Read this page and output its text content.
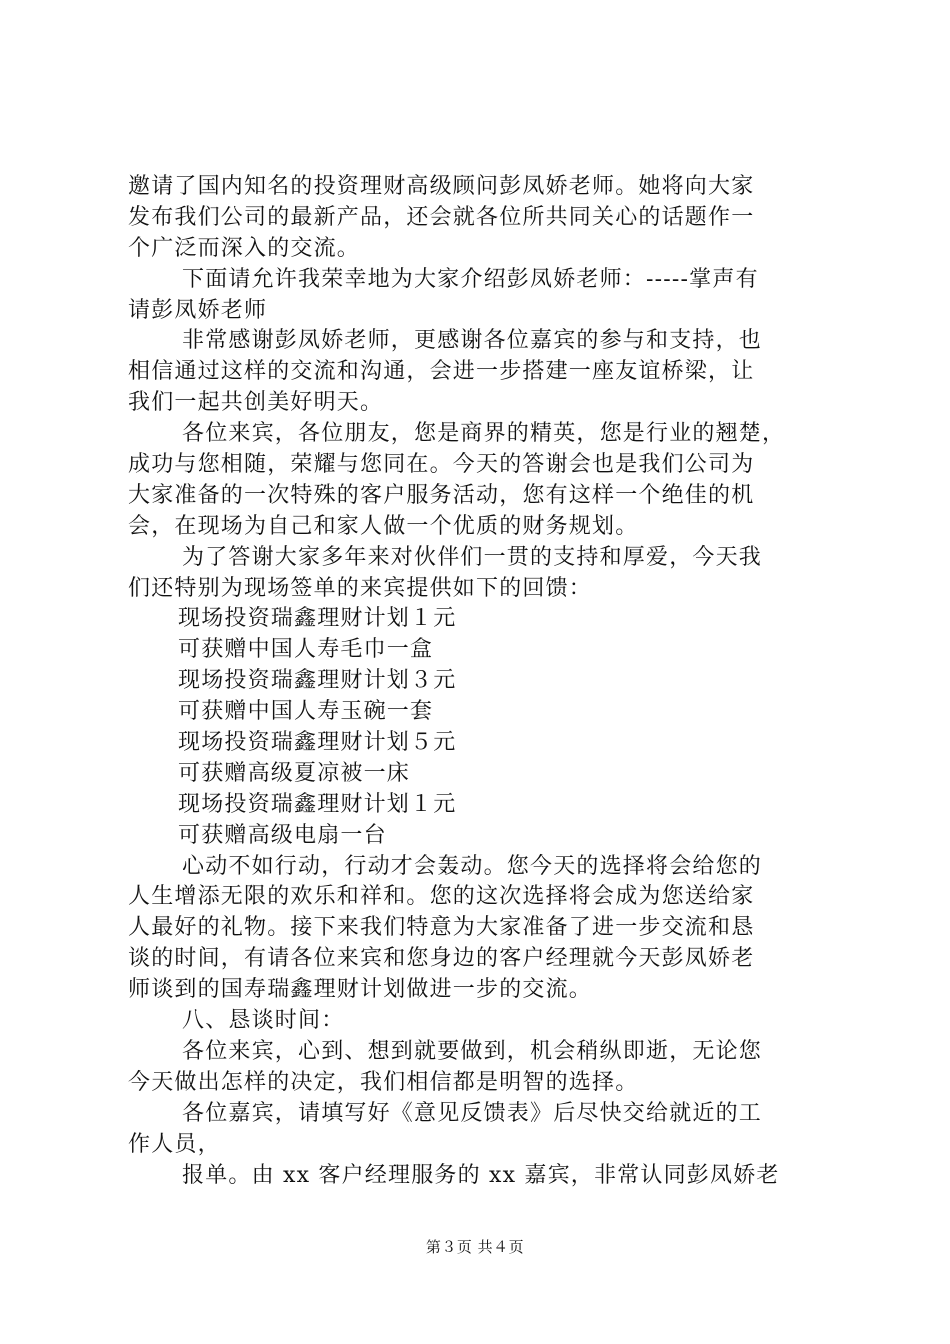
邀请了国内知名的投资理财高级顾问彭凤娇老师。她将向大家
发布我们公司的最新产品，还会就各位所共同关心的话题作一
个广泛而深入的交流。
下面请允许我荣幸地为大家介绍彭凤娇老师：-----掌声有
请彭凤娇老师
非常感谢彭凤娇老师，更感谢各位嘉宾的参与和支持，也
相信通过这样的交流和沟通，会进一步搭建一座友谊桥梁，让
我们一起共创美好明天。
各位来宾，各位朋友，您是商界的精英，您是行业的翘楚，
成功与您相随，荣耀与您同在。今天的答谢会也是我们公司为
大家准备的一次特殊的客户服务活动，您有这样一个绝佳的机
会，在现场为自己和家人做一个优质的财务规划。
为了答谢大家多年来对伙伴们一贯的支持和厚爱，今天我
们还特别为现场签单的来宾提供如下的回馈：
现场投资瑞鑫理财计划１元
可获赠中国人寿毛巾一盒
现场投资瑞鑫理财计划３元
可获赠中国人寿玉碗一套
现场投资瑞鑫理财计划５元
可获赠高级夏凉被一床
现场投资瑞鑫理财计划１元
可获赠高级电扇一台
心动不如行动，行动才会轰动。您今天的选择将会给您的
人生增添无限的欢乐和祥和。您的这次选择将会成为您送给家
人最好的礼物。接下来我们特意为大家准备了进一步交流和恳
谈的时间，有请各位来宾和您身边的客户经理就今天彭凤娇老
师谈到的国寿瑞鑫理财计划做进一步的交流。
八、恳谈时间：
各位来宾，心到、想到就要做到，机会稍纵即逝，无论您
今天做出怎样的决定，我们相信都是明智的选择。
各位嘉宾，请填写好《意见反馈表》后尽快交给就近的工
作人员，
报单。由 xx 客户经理服务的 xx 嘉宾，非常认同彭凤娇老
第３页 共４页
